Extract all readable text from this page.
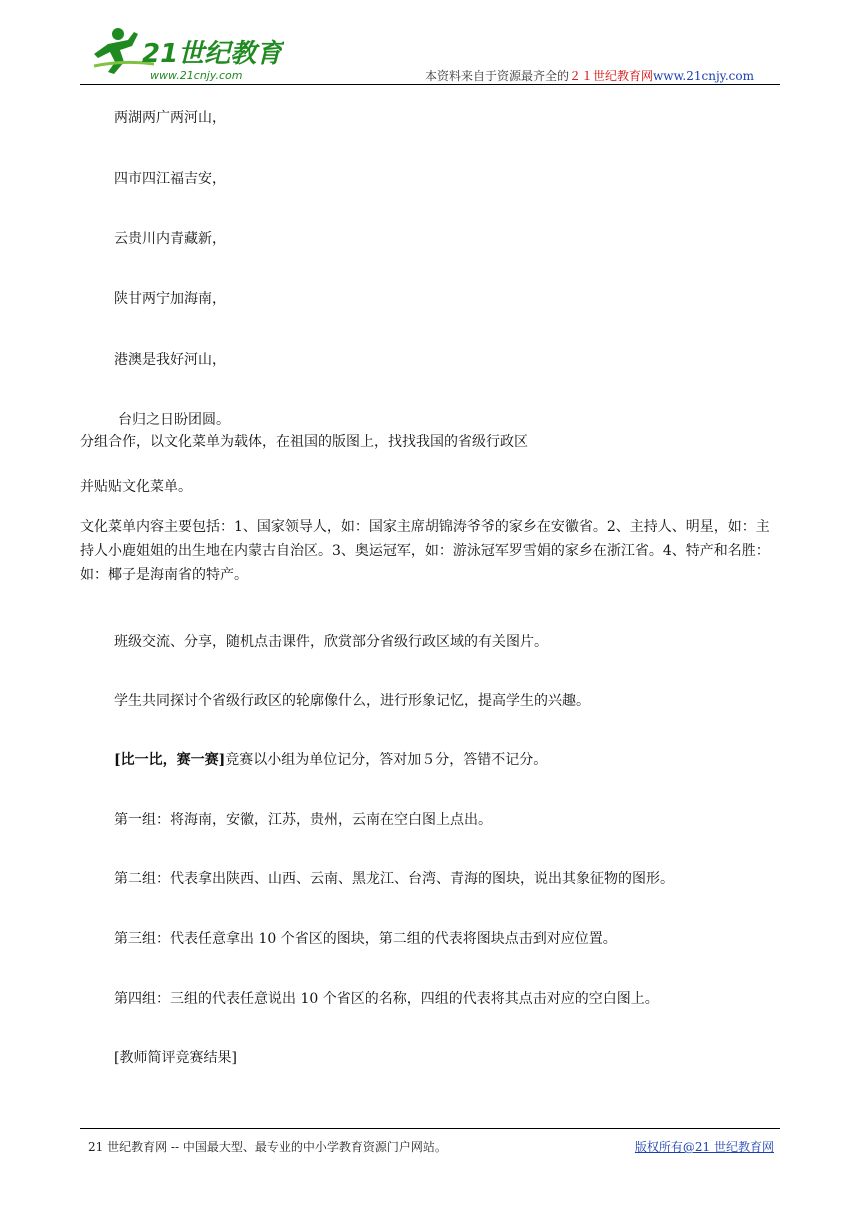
21世纪教育
www.21cnjy.com	本资料来自于资源最齐全的２１世纪教育网www.21cnjy.com
两湖两广两河山，
四市四江福吉安，
云贵川内青藏新，
陕甘两宁加海南，
港澳是我好河山，
台归之日盼团圆。
分组合作，以文化菜单为载体，在祖国的版图上，找找我国的省级行政区
并贴贴文化菜单。
文化菜单内容主要包括：1、国家领导人，如：国家主席胡锦涛爷爷的家乡在安徽省。2、主持人、明星，如：主持人小鹿姐姐的出生地在内蒙古自治区。3、奥运冠军，如：游泳冠军罗雪娟的家乡在浙江省。4、特产和名胜：如：椰子是海南省的特产。
班级交流、分享，随机点击课件，欣赏部分省级行政区域的有关图片。
学生共同探讨个省级行政区的轮廓像什么，进行形象记忆，提高学生的兴趣。
[比一比，赛一赛]竞赛以小组为单位记分，答对加５分，答错不记分。
第一组：将海南，安徽，江苏，贵州，云南在空白图上点出。
第二组：代表拿出陕西、山西、云南、黑龙江、台湾、青海的图块，说出其象征物的图形。
第三组：代表任意拿出 10 个省区的图块，第二组的代表将图块点击到对应位置。
第四组：三组的代表任意说出 10 个省区的名称，四组的代表将其点击对应的空白图上。
[教师简评竞赛结果]
21 世纪教育网 -- 中国最大型、最专业的中小学教育资源门户网站。	版权所有@21 世纪教育网
